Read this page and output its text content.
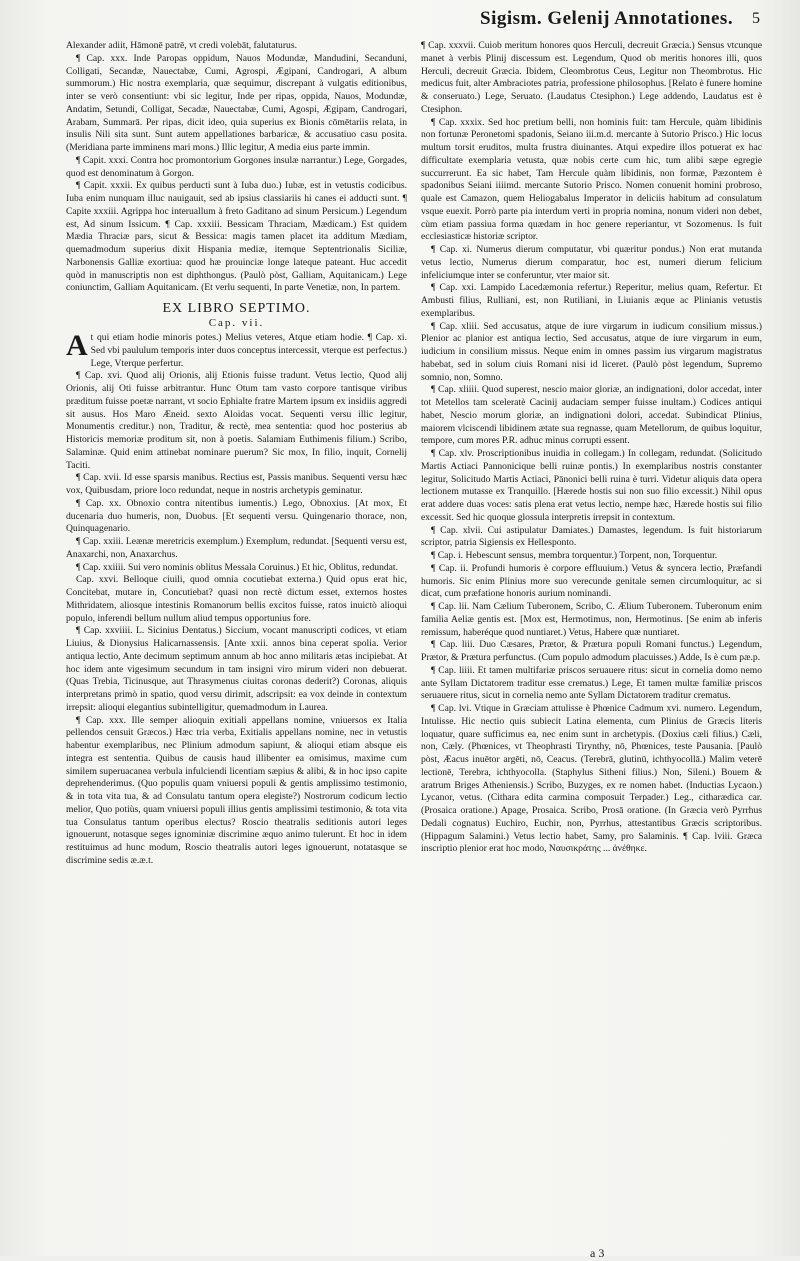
Sigism. Gelenij Annotationes. 5

Alexander adiit, Hāmonē patrē, vt credi volebāt, falutaturus.

¶ Cap. xxx. Inde Paropas oppidum, Nauos Modundæ, Mandudini, Secanduni, Colligati, Secandæ, Nauectabæ, Cumi, Agrospi, Ægipani, Candrogari, A album summorum.) Hic nostra exemplaria, quæ sequimur, discrepant à vulgatis editionibus, inter se verò consentiunt: vbi sic legitur, Inde per ripas, oppida, Nauos, Modundæ, Andatim, Setundi, Colligat, Secadæ, Nauectabæ, Cumi, Agospi, Ægipam, Candrogari, Arabam, Summarā. Per ripas, dicit ideo, quia superius ex Bionis cōmētariis relata, in insulis Nili sita sunt. Sunt autem appellationes barbaricæ, & accusatiuo casu posita. (Meridiana parte imminens mari mons.) Illic legitur, A media eius parte immin.

¶ Capit. xxxi. Contra hoc promontorium Gorgones insulæ narrantur.) Lege, Gorgades, quod est denominatum à Gorgon.

¶ Capit. xxxii. Ex quibus perducti sunt à Iuba duo.) Iubæ, est in vetustis codicibus. Iuba enim nunquam illuc nauigauit, sed ab ipsius classiariis hi canes ei adducti sunt. ¶ Capite xxxiii. Agrippa hoc interuallum à freto Gaditano ad sinum Persicum.) Legendum est, Ad sinum Issicum. ¶ Cap. xxxiii. Bessicam Thraciam, Mædicam.) Est quidem Mædia Thraciæ pars, sicut & Bessica: magis tamen placet ita additum Mædiam, quemadmodum superius dixit Hispania mediæ, itemque Septentrionalis Siciliæ, Narbonensis Galliæ exortiua: quod hæ prouinciæ longe lateque pateant. Huc accedit quòd in manuscriptis non est diphthongus. (Paulò pòst, Galliam, Aquitanicam.) Lege coniunctim, Galliam Aquitanicam. (Et verlu sequenti, In parte Venetiæ, non, In partem.

EX LIBRO SEPTIMO.
Cap. vii.

At qui etiam hodie minoris potes.) Melius veteres, Atque etiam hodie. ¶ Cap. xi. Sed vbi paululum temporis inter duos conceptus intercessit, vterque est perfectus.) Lege, Vterque perfertur.

¶ Cap. xvi. Quod alij Orionis, alij Etionis fuisse tradunt. Vetus lectio, Quod alij Orionis, alij Oti fuisse arbitrantur. Hunc Otum tam vasto corpore tantisque viribus præditum fuisse poetæ narrant, vt socio Ephialte fratre Martem ipsum ex insidiis aggredi sit ausus. Hos Maro Æneid. sexto Aloidas vocat. Sequenti versu illic legitur, Monumentis creditur.) non, Traditur, & rectè, mea sententia: quod hoc posterius ab Historicis memoriæ proditum sit, non à poetis. Salamiam Euthimenis filium.) Scribo, Salaminæ. Quid enim attinebat nominare puerum? Sic mox, In filio, inquit, Cornelij Taciti.

¶ Cap. xvii. Id esse sparsis manibus. Rectius est, Passis manibus. Sequenti versu hæc vox, Quibusdam, priore loco redundat, neque in nostris archetypis geminatur.

¶ Cap. xx. Obnoxio contra nitentibus iumentis.) Lego, Obnoxius. [At mox, Et ducenaria duo humeris, non, Duobus. [Et sequenti versu. Quingenario thorace, non, Quinquagenario.

¶ Cap. xxiii. Leænæ meretricis exemplum.) Exemplum, redundat. [Sequenti versu est, Anaxarchi, non, Anaxarchus.

¶ Cap. xxiiii. Sui vero nominis oblitus Messala Coruinus.) Et hic, Oblitus, redundat.

Cap. xxvi. Belloque ciuili, quod omnia cocutiebat externa.) Quid opus erat hic, Concitebat, mutare in, Concutiebat? quasi non rectè dictum esset, externos hostes Mithridatem, aliosque intestinis Romanorum bellis excitos fuisse, ratos inuictò alioqui populo, inferendi bellum nullum aliud tempus opportunius fore.

¶ Cap. xxviiii. L. Sicinius Dentatus.) Siccium, vocant manuscripti codices, vt etiam Liuius, & Dionysius Halicarnassensis. [Ante xxii. annos bina ceperat spolia. Verior antiqua lectio, Ante decimum septimum annum ab hoc anno militaris ætas incipiebat. At hoc idem ante vigesimum secundum in tam insigni viro mirum videri non debuerat. (Quas Trebia, Ticinusque, aut Thrasymenus ciuitas coronas dederit?) Coronas, aliquis interpretans primò in spatio, quod versu dirimit, adscripsit: ea vox deinde in contextum irrepsit: alioqui elegantius subintelligitur, quemadmodum in Laurea.

¶ Cap. xxx. Ille semper alioquin exitiali appellans nomine, vniuersos ex Italia pellendos censuit Græcos.) Hæc tria verba, Exitialis appellans nomine, nec in vetustis habentur exemplaribus, nec Plinium admodum sapiunt, & alioqui etiam absque eis integra est sententia. Quibus de causis haud illibenter ea omisimus, maxime cum similem superuacanea verbula infulciendi licentiam sæpius & alibi, & in hoc ipso capite deprehenderimus. (Quo populis quam vniuersi populi & gentis amplissimo testimonio, & in tota vita tua, & ad Consulatu tantum opera elegiste?) Nostrorum codicum lectio melior, Quo potiùs, quam vniuersi populi illius gentis amplissimi testimonio, & tota vita tua Consulatus tantum operibus electus? Roscio theatralis seditionis autori leges ignouerunt, notasque seges ignominiæ discrimine æquo animo tulerunt. Et hoc in idem restituimus ad hunc modum, Roscio theatralis autori leges ignouerunt, notatasque se discrimine sedis æ.æ.t.

¶ Cap. xxxvii. Cuiob meritum honores quos Herculi, decreuit Græcia.) Sensus vtcunque manet à verbis Plinij discessum est. Legendum, Quod ob meritis honores illi, quos Herculi, decreuit Græcia. Ibidem, Cleombrotus Ceus, Legitur non Theombrotus. Hic medicus fuit, alter Ambraciotes patria, professione philosophus. [Relato è funere homine & conseruato.) Lege, Seruato. (Laudatus Ctesiphon.) Lege addendo, Laudatus est è Ctesiphon.

¶ Cap. xxxix. Sed hoc pretium belli, non hominis fuit: tam Hercule, quàm libidinis non fortunæ Peronetomi spadonis, Seiano iii.m.d. mercante à Sutorio Prisco.) Hic locus multum torsit eruditos, multa frustra diuinantes. Atqui expedire illos potuerat ex hac difficultate exemplaria vetusta, quæ nobis certe cum hic, tum alibi sæpe egregie succurrerunt. Ea sic habet, Tam Hercule quàm libidinis, non formæ, Pæzontem è spadonibus Seiani iiiimd. mercante Sutorio Prisco. Nomen conuenit homini probroso, quale est Camazon, quem Heliogabalus Imperator in deliciis habitum ad consulatum vsque euexit. Porrò parte pia interdum verti in propria nomina, nonum videri non debet, cùm etiam passiua forma quædam in hoc genere reperiantur, vt Sozomenus. Is fuit ecclesiasticæ historiæ scriptor.

¶ Cap. xi. Numerus dierum computatur, vbi quæritur pondus.) Non erat mutanda vetus lectio, Numerus dierum comparatur, hoc est, numeri dierum felicium infeliciumque inter se conferuntur, vter maior sit.

¶ Cap. xxi. Lampido Lacedæmonia refertur.) Reperitur, melius quam, Refertur. Et Ambusti filius, Rulliani, est, non Rutiliani, in Liuianis æque ac Plinianis vetustis exemplaribus.

¶ Cap. xliii. Sed accusatus, atque de iure virgarum in iudicum consilium missus.) Plenior ac planior est antiqua lectio, Sed accusatus, atque de iure virgarum in eum, iudicium in consilium missus. Neque enim in omnes passim ius virgarum magistratus habebat, sed in solum ciuis Romani nisi id liceret. (Paulò pòst legendum, Supremo somnio, non, Somno.

¶ Cap. xliiii. Quod superest, nescio maior gloriæ, an indignationi, dolor accedat, inter tot Metellos tam sceleratè Cacinij audaciam semper fuisse inultam.) Codices antiqui habet, Nescio morum gloriæ, an indignationi dolori, accedat. Subindicat Plinius, maiorem vlciscendi libidinem ætate sua regnasse, quam Metellorum, de quibus loquitur, tempore, cum mores P.R. adhuc minus corrupti essent.

¶ Cap. xlv. Proscriptionibus inuidia in collegam.) In collegam, redundat. (Solicitudo Martis Actiaci Pannonicique belli ruinæ pontis.) In exemplaribus nostris constanter legitur, Solicitudo Martis Actiaci, Pānonici belli ruina è turri. Videtur aliquis data opera lectionem mutasse ex Tranquillo. [Hærede hostis sui non suo filio excessit.) Nihil opus erat addere duas voces: satis plena erat vetus lectio, nempe hæc, Hærede hostis sui filio excessit. Sed hic quoque glossula interpretis irrepsit in contextum.

¶ Cap. xlvii. Cui astipulatur Damiates.) Damastes, legendum. Is fuit historiarum scriptor, patria Sigiensis ex Hellesponto.

¶ Cap. i. Hebescunt sensus, membra torquentur.) Torpent, non, Torquentur.

¶ Cap. ii. Profundi humoris è corpore effluuium.) Vetus & syncera lectio, Præfandi humoris. Sic enim Plinius more suo verecunde genitale semen circumloquitur, ac si dicat, cum præfatione honoris aurium nominandi.

¶ Cap. lii. Nam Cælium Tuberonem, Scribo, C. Ælium Tuberonem. Tuberonum enim familia Aeliæ gentis est. [Mox est, Hermotimus, non, Hermotinus. [Se enim ab inferis remissum, haberéque quod nuntiaret.) Vetus, Habere quæ nuntiaret.

¶ Cap. liii. Duo Cæsares, Prætor, & Prætura populi Romani functus.) Legendum, Prætor, & Prætura perfunctus. (Cum populo admodum placuisses.) Adde, Is è cum pæ.p.

¶ Cap. liiii. Et tamen multifariæ priscos seruauere ritus: sicut in cornelia domo nemo ante Syllam Dictatorem traditur esse crematus.) Lege, Et tamen multæ familiæ priscos seruauere ritus, sicut in cornelia nemo ante Syllam Dictatorem traditur crematus.

¶ Cap. lvi. Vtique in Græciam attulisse è Phœnice Cadmum xvi. numero. Legendum, Intulisse. Hic nectio quis subiecit Latina elementa, cum Plinius de Græcis literis loquatur, quare sufficimus ea, nec enim sunt in archetypis. (Doxius cæli filius.) Cæli, non, Cæly. (Phœnices, vt Theophrasti Tirynthy, nō, Phœnices, teste Pausania. [Paulò pòst, Æacus inuētor argēti, nō, Ceacus. (Terebrā, glutinū, ichthyocollā.) Malim veterē lectionē, Terebra, ichthyocolla. (Staphylus Sitheni filius.) Non, Sileni.) Bouem & aratrum Briges Atheniensis.) Scribo, Buzyges, ex re nomen habet. (Inductias Lycaon.) Lycanor, vetus. (Cithara edita carmina composuit Terpader.) Leg., citharædica car. (Prosaica oratione.) Apage, Prosaica. Scribo, Prosā oratione. (In Græcia verò Pyrrhus Dedali cognatus) Euchiro, Euchir, non, Pyrrhus, attestantibus Græcis scriptoribus. (Hippagum Salamini.) Vetus lectio habet, Samy, pro Salaminis. ¶ Cap. lviii. Græca inscriptio plenior erat hoc modo, Ναυσικράτης ... ἀνέθηκε.

a 3
